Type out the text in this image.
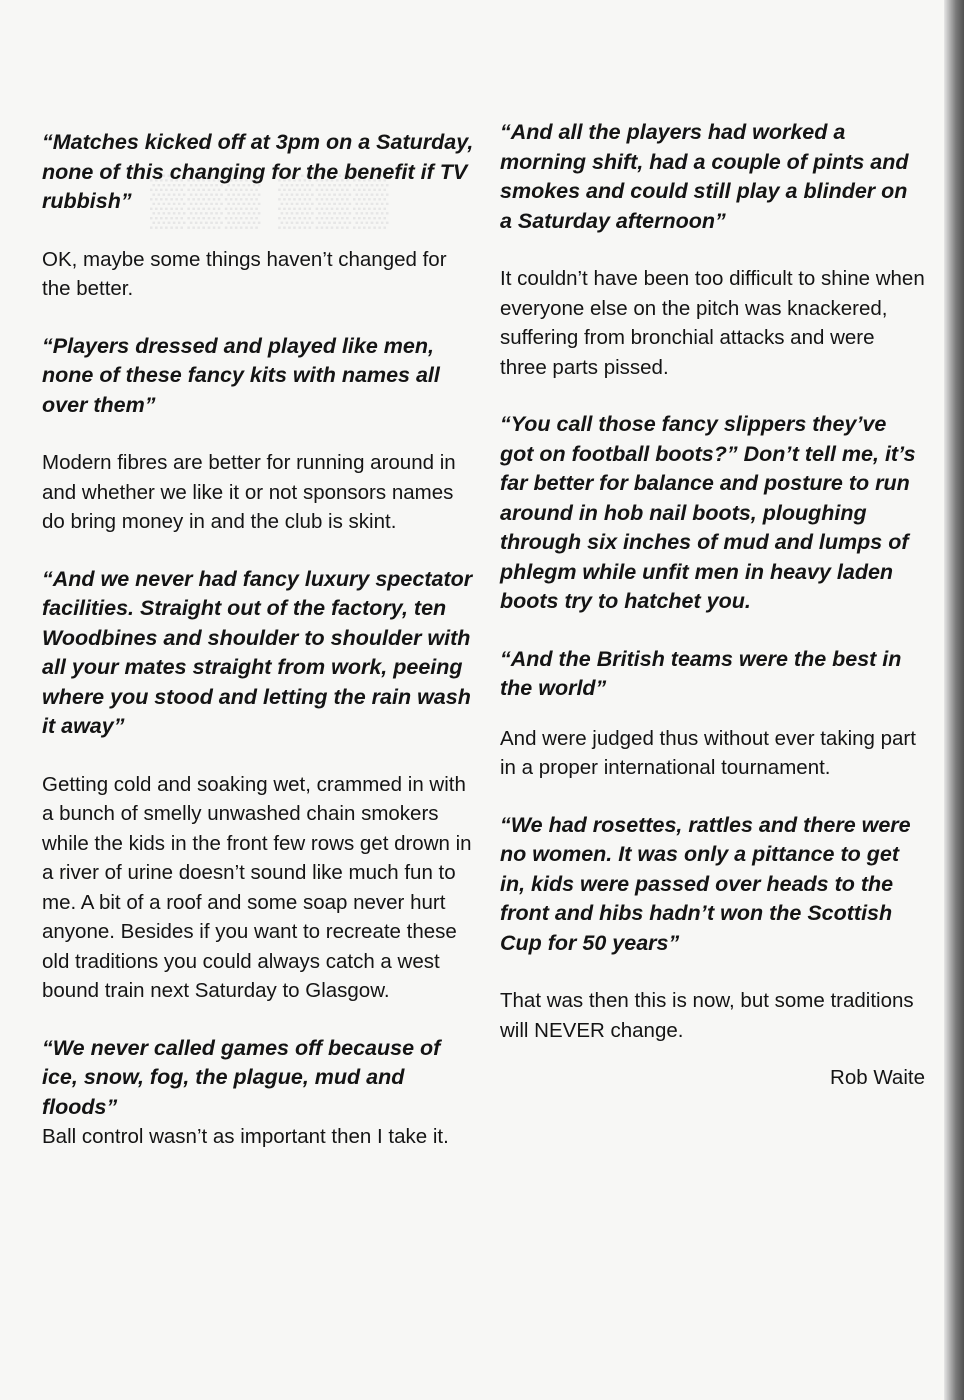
▒▒▒ ▒▒▒
“Matches kicked off at 3pm on a Saturday, none of this changing for the benefit if TV rubbish”
OK, maybe some things haven’t changed for the better.
“Players dressed and played like men, none of these fancy kits with names all over them”
Modern fibres are better for running around in and whether we like it or not sponsors names do bring money in and the club is skint.
“And we never had fancy luxury spectator facilities. Straight out of the factory, ten Woodbines and shoulder to shoulder with all your mates straight from work, peeing where you stood and letting the rain wash it away”
Getting cold and soaking wet, crammed in with a bunch of smelly unwashed chain smokers while the kids in the front few rows get drown in a river of urine doesn’t sound like much fun to me. A bit of a roof and some soap never hurt anyone. Besides if you want to recreate these old traditions you could always catch a west bound train next Saturday to Glasgow.
“We never called games off because of ice, snow, fog, the plague, mud and floods”
Ball control wasn’t as important then I take it.
“And all the players had worked a morning shift, had a couple of pints and smokes and could still play a blinder on a Saturday afternoon”
It couldn’t have been too difficult to shine when everyone else on the pitch was knackered, suffering from bronchial attacks and were three parts pissed.
“You call those fancy slippers they’ve got on football boots?” Don’t tell me, it’s far better for balance and posture to run around in hob nail boots, ploughing through six inches of mud and lumps of phlegm while unfit men in heavy laden boots try to hatchet you.
“And the British teams were the best in the world”
And were judged thus without ever taking part in a proper international tournament.
“We had rosettes, rattles and there were no women. It was only a pittance to get in, kids were passed over heads to the front and hibs hadn’t won the Scottish Cup for 50 years”
That was then this is now, but some traditions will NEVER change.
Rob Waite
